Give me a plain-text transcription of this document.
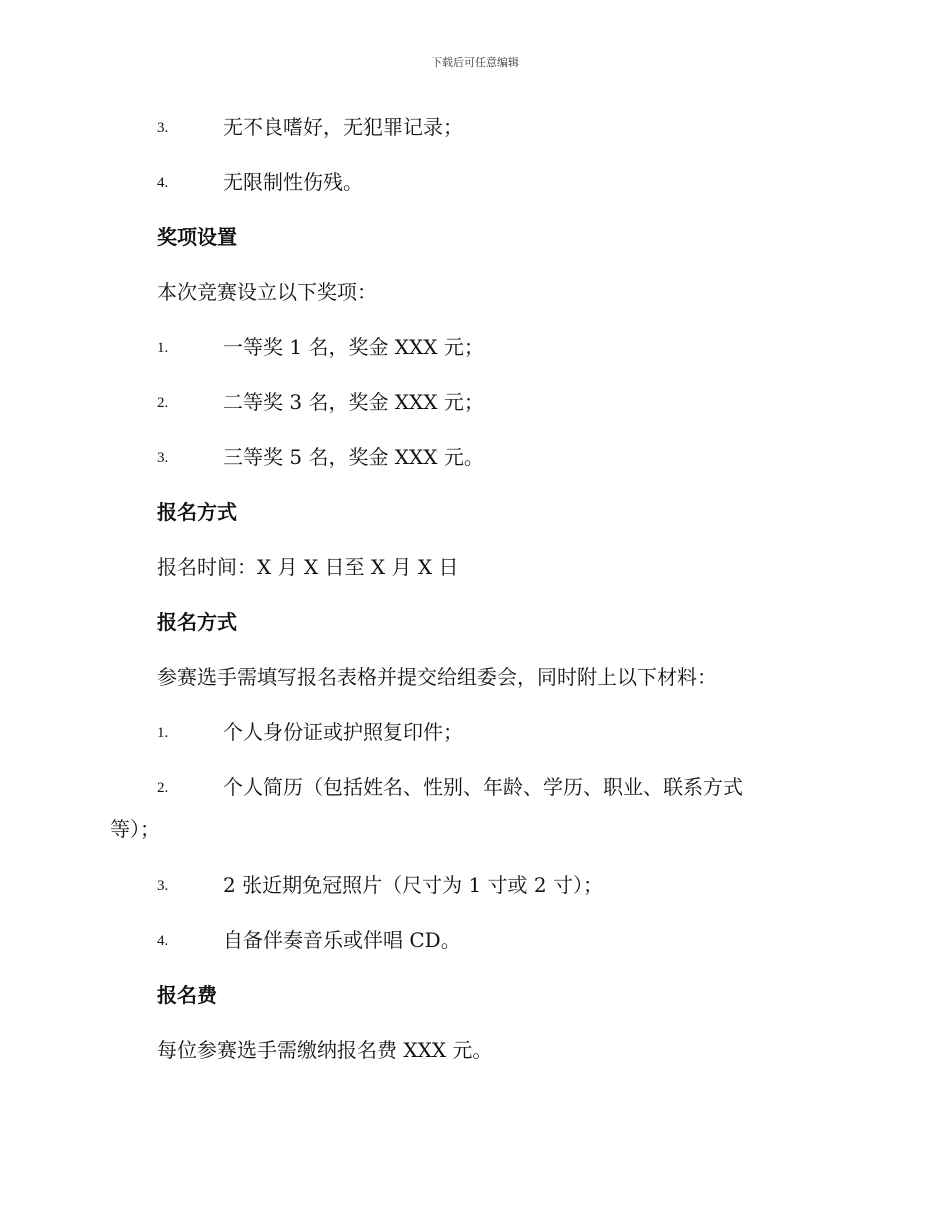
下载后可任意编辑
3.	无不良嗜好，无犯罪记录；
4.	无限制性伤残。
奖项设置
本次竞赛设立以下奖项：
1.	一等奖 1 名，奖金 XXX 元；
2.	二等奖 3 名，奖金 XXX 元；
3.	三等奖 5 名，奖金 XXX 元。
报名方式
报名时间：X 月 X 日至 X 月 X 日
报名方式
参赛选手需填写报名表格并提交给组委会，同时附上以下材料：
1.	个人身份证或护照复印件；
2.	个人简历（包括姓名、性别、年龄、学历、职业、联系方式
等）；
3.	2 张近期免冠照片（尺寸为 1 寸或 2 寸）；
4.	自备伴奏音乐或伴唱 CD。
报名费
每位参赛选手需缴纳报名费 XXX 元。
